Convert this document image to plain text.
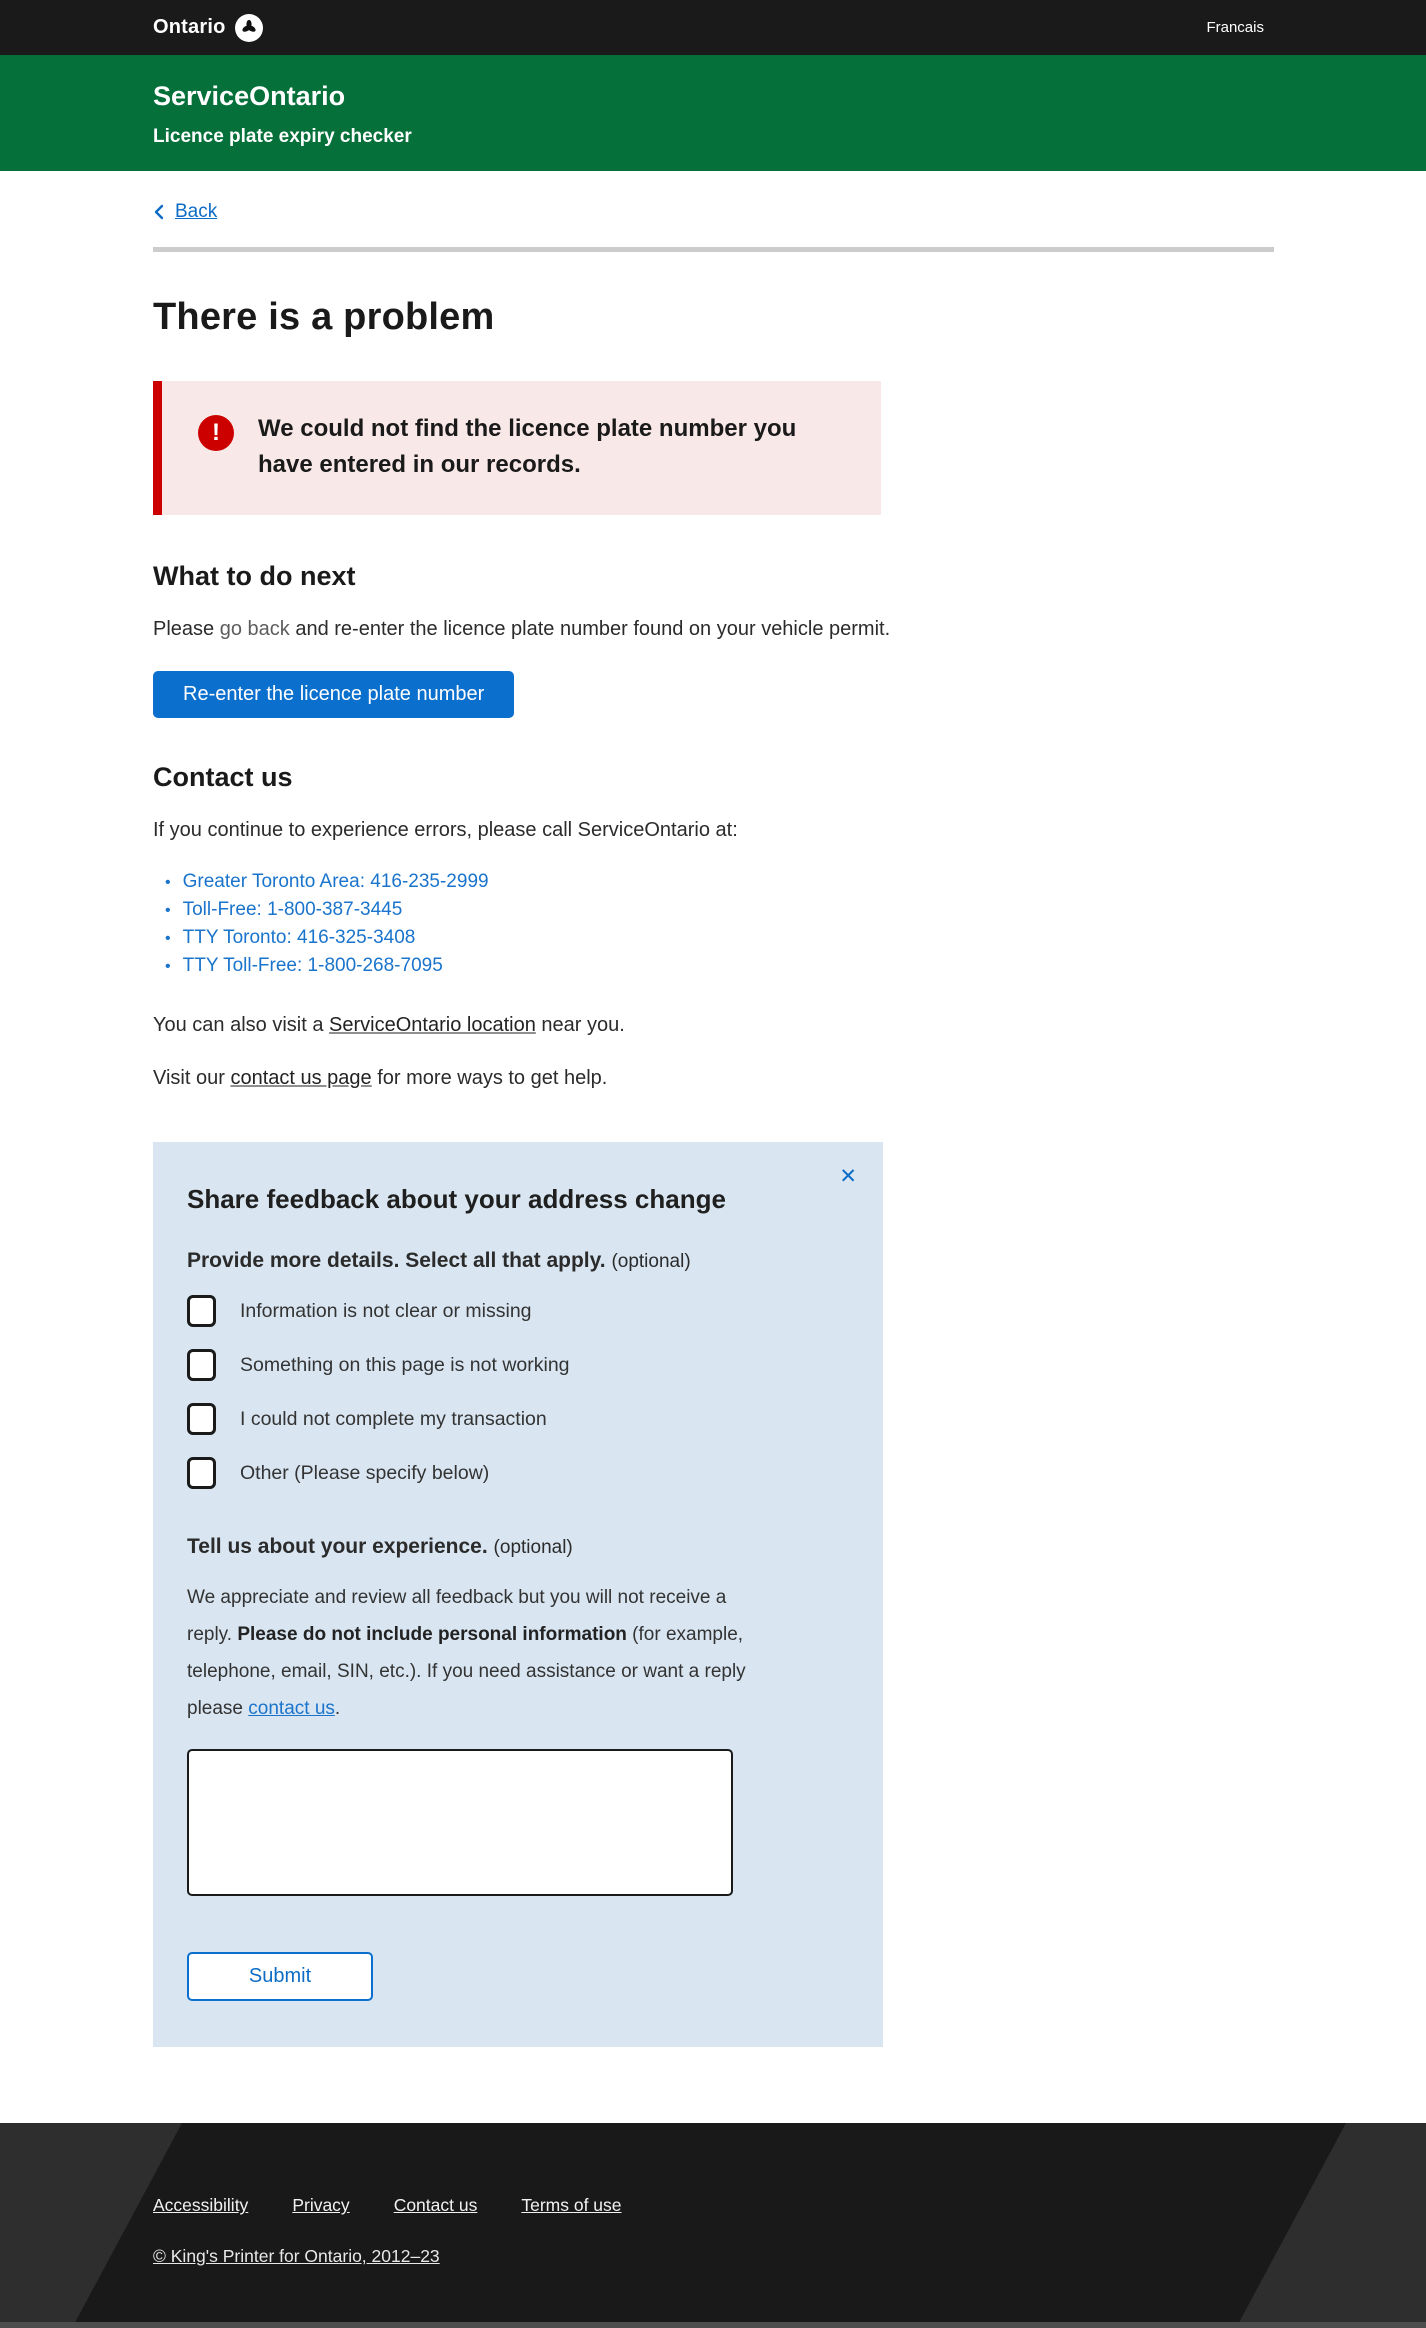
Ontario	Francais
ServiceOntario
Licence plate expiry checker
Back
There is a problem
!	We could not find the licence plate number you have entered in our records.
What to do next

Please go back and re-enter the licence plate number found on your vehicle permit.

Re-enter the licence plate number
Contact us

If you continue to experience errors, please call ServiceOntario at:

• Greater Toronto Area: 416-235-2999
• Toll-Free: 1-800-387-3445
• TTY Toronto: 416-325-3408
• TTY Toll-Free: 1-800-268-7095

You can also visit a ServiceOntario location near you.

Visit our contact us page for more ways to get help.

✕
Share feedback about your address change

Provide more details. Select all that apply. (optional)

Information is not clear or missing
Something on this page is not working
I could not complete my transaction
Other (Please specify below)

Tell us about your experience. (optional)

We appreciate and review all feedback but you will not receive a reply. Please do not include personal information (for example, telephone, email, SIN, etc.). If you need assistance or want a reply please contact us.

Submit
Accessibility	Privacy	Contact us	Terms of use
© King's Printer for Ontario, 2012–23
